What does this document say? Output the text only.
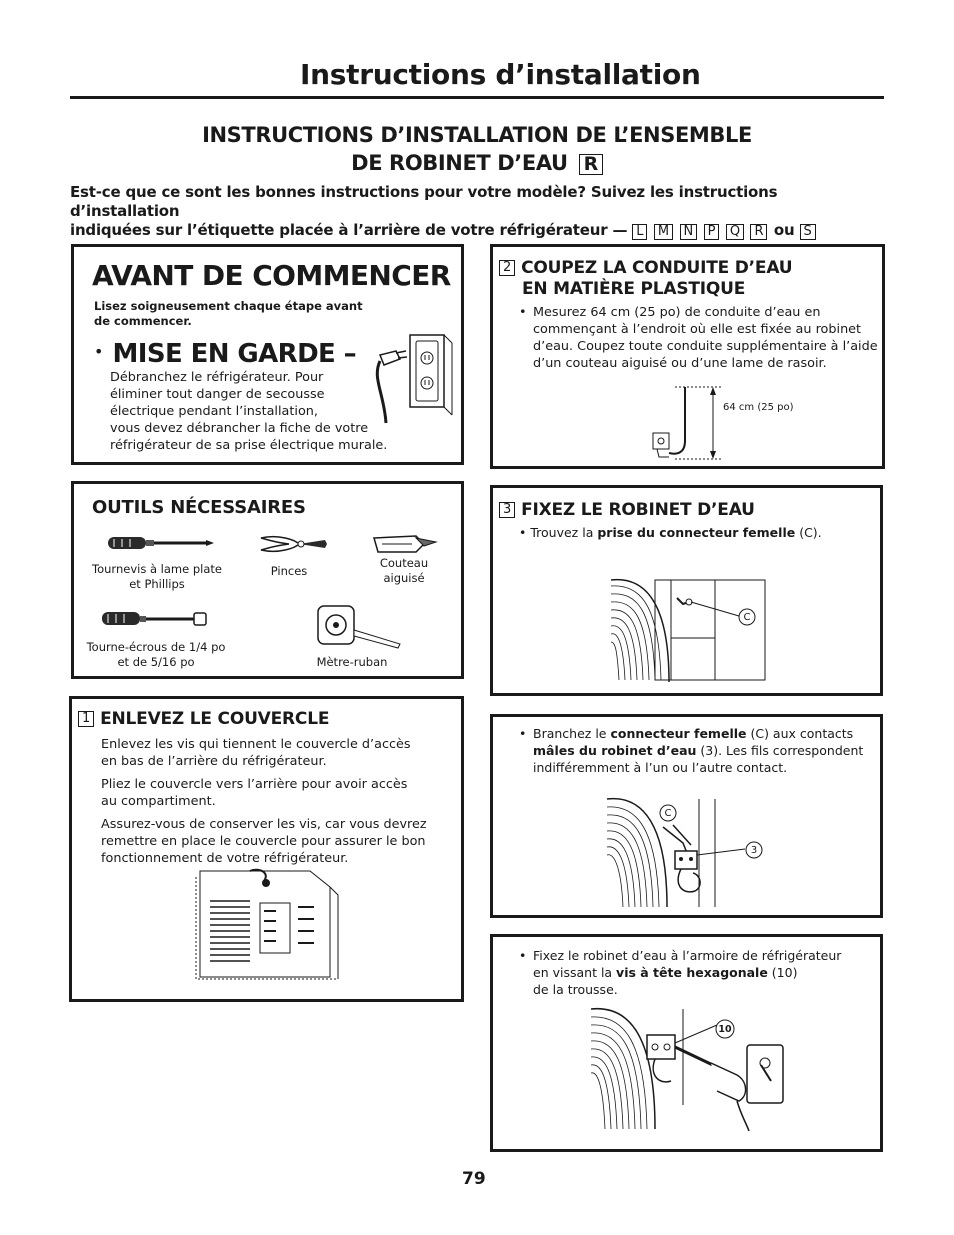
Instructions d’installation
INSTRUCTIONS D’INSTALLATION DE L’ENSEMBLE
DE ROBINET D’EAU R
Est-ce que ce sont les bonnes instructions pour votre modèle? Suivez les instructions d’installation
indiquées sur l’étiquette placée à l’arrière de votre réfrigérateur — L M N P Q R ou S
AVANT DE COMMENCER
Lisez soigneusement chaque étape avant
de commencer.
• MISE EN GARDE –
Débranchez le réfrigérateur. Pour
éliminer tout danger de secousse
électrique pendant l’installation,
vous devez débrancher la fiche de votre
réfrigérateur de sa prise électrique murale.
OUTILS NÉCESSAIRES
Tournevis à lame plate
et Phillips
Pinces
Couteau
aiguisé
Tourne-écrous de 1/4 po
et de 5/16 po	Mètre-ruban
1 ENLEVEZ LE COUVERCLE
Enlevez les vis qui tiennent le couvercle d’accès
en bas de l’arrière du réfrigérateur.
Pliez le couvercle vers l’arrière pour avoir accès
au compartiment.
Assurez-vous de conserver les vis, car vous devrez
remettre en place le couvercle pour assurer le bon
fonctionnement de votre réfrigérateur.
2 COUPEZ LA CONDUITE D’EAU
EN MATIÈRE PLASTIQUE
• Mesurez 64 cm (25 po) de conduite d’eau en
commençant à l’endroit où elle est fixée au robinet
d’eau. Coupez toute conduite supplémentaire à l’aide
d’un couteau aiguisé ou d’une lame de rasoir.
64 cm (25 po)
3 FIXEZ LE ROBINET D’EAU
• Trouvez la prise du connecteur femelle (C).
C
• Branchez le connecteur femelle (C) aux contacts
mâles du robinet d’eau (3). Les fils correspondent
indifféremment à l’un ou l’autre contact.
C
3
• Fixez le robinet d’eau à l’armoire de réfrigérateur
en vissant la vis à tête hexagonale (10)
de la trousse.
10
79
